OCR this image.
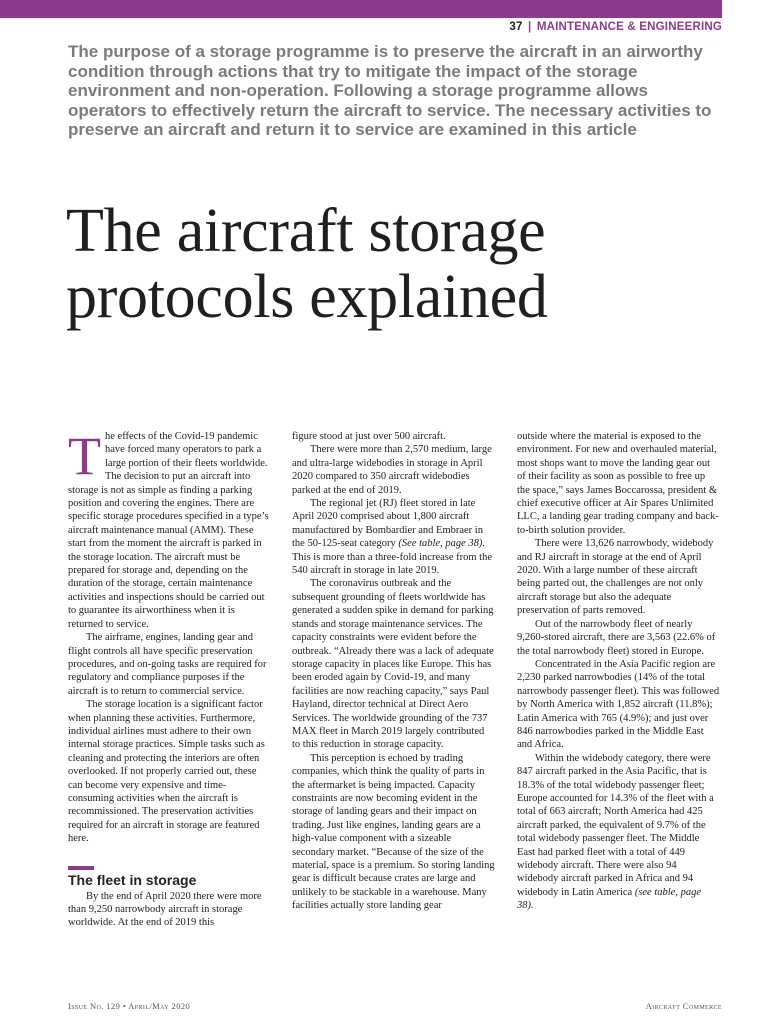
37 | MAINTENANCE & ENGINEERING

The purpose of a storage programme is to preserve the aircraft in an airworthy condition through actions that try to mitigate the impact of the storage environment and non-operation. Following a storage programme allows operators to effectively return the aircraft to service. The necessary activities to preserve an aircraft and return it to service are examined in this article

The aircraft storage
protocols explained

The effects of the Covid-19 pandemic have forced many operators to park a large portion of their fleets worldwide. The decision to put an aircraft into storage is not as simple as finding a parking position and covering the engines. There are specific storage procedures specified in a type’s aircraft maintenance manual (AMM). These start from the moment the aircraft is parked in the storage location. The aircraft must be prepared for storage and, depending on the duration of the storage, certain maintenance activities and inspections should be carried out to guarantee its airworthiness when it is returned to service.

The airframe, engines, landing gear and flight controls all have specific preservation procedures, and on-going tasks are required for regulatory and compliance purposes if the aircraft is to return to commercial service.

The storage location is a significant factor when planning these activities. Furthermore, individual airlines must adhere to their own internal storage practices. Simple tasks such as cleaning and protecting the interiors are often overlooked. If not properly carried out, these can become very expensive and time-consuming activities when the aircraft is recommissioned. The preservation activities required for an aircraft in storage are featured here.

The fleet in storage

By the end of April 2020 there were more than 9,250 narrowbody aircraft in storage worldwide. At the end of 2019 this

figure stood at just over 500 aircraft.

There were more than 2,570 medium, large and ultra-large widebodies in storage in April 2020 compared to 350 aircraft widebodies parked at the end of 2019.

The regional jet (RJ) fleet stored in late April 2020 comprised about 1,800 aircraft manufactured by Bombardier and Embraer in the 50-125-seat category (See table, page 38). This is more than a three-fold increase from the 540 aircraft in storage in late 2019.

The coronavirus outbreak and the subsequent grounding of fleets worldwide has generated a sudden spike in demand for parking stands and storage maintenance services. The capacity constraints were evident before the outbreak. “Already there was a lack of adequate storage capacity in places like Europe. This has been eroded again by Covid-19, and many facilities are now reaching capacity,” says Paul Hayland, director technical at Direct Aero Services. The worldwide grounding of the 737 MAX fleet in March 2019 largely contributed to this reduction in storage capacity.

This perception is echoed by trading companies, which think the quality of parts in the aftermarket is being impacted. Capacity constraints are now becoming evident in the storage of landing gears and their impact on trading. Just like engines, landing gears are a high-value component with a sizeable secondary market. “Because of the size of the material, space is a premium. So storing landing gear is difficult because crates are large and unlikely to be stackable in a warehouse. Many facilities actually store landing gear

outside where the material is exposed to the environment. For new and overhauled material, most shops want to move the landing gear out of their facility as soon as possible to free up the space,” says James Boccarossa, president & chief executive officer at Air Spares Unlimited LLC, a landing gear trading company and back-to-birth solution provider.

There were 13,626 narrowbody, widebody and RJ aircraft in storage at the end of April 2020. With a large number of these aircraft being parted out, the challenges are not only aircraft storage but also the adequate preservation of parts removed.

Out of the narrowbody fleet of nearly 9,260-stored aircraft, there are 3,563 (22.6% of the total narrowbody fleet) stored in Europe.

Concentrated in the Asia Pacific region are 2,230 parked narrowbodies (14% of the total narrowbody passenger fleet). This was followed by North America with 1,852 aircraft (11.8%); Latin America with 765 (4.9%); and just over 846 narrowbodies parked in the Middle East and Africa.

Within the widebody category, there were 847 aircraft parked in the Asia Pacific, that is 18.3% of the total widebody passenger fleet; Europe accounted for 14.3% of the fleet with a total of 663 aircraft; North America had 425 aircraft parked, the equivalent of 9.7% of the total widebody passenger fleet. The Middle East had parked fleet with a total of 449 widebody aircraft. There were also 94 widebody aircraft parked in Africa and 94 widebody in Latin America (see table, page 38).

Issue No. 129 • April/May 2020	Aircraft Commerce
